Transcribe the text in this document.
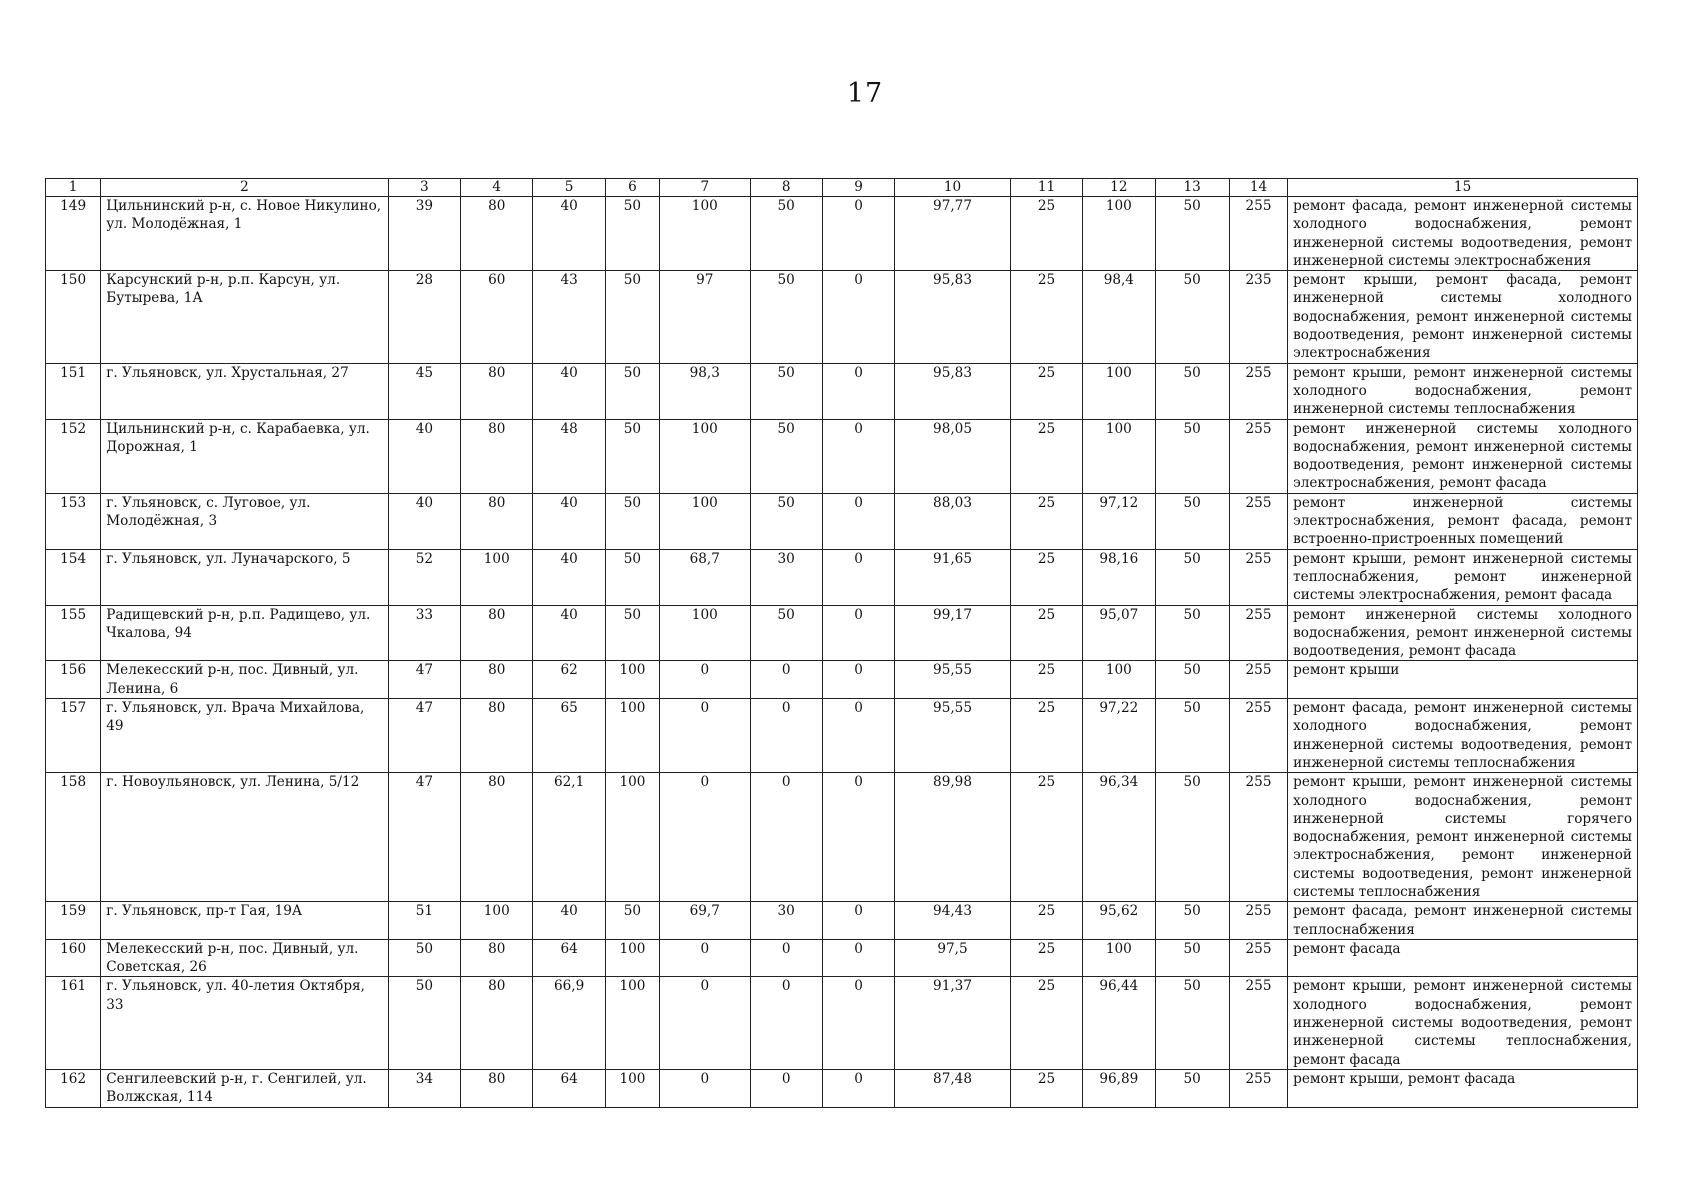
17
1	2	3	4	5	6	7	8	9	10	11	12	13	14	15
149	Цильнинский р-н, с. Новое Никулино, ул. Молодёжная, 1	39	80	40	50	100	50	0	97,77	25	100	50	255	ремонт фасада, ремонт инженерной системы холодного водоснабжения, ремонт инженерной системы водоотведения, ремонт инженерной системы электроснабжения
150	Карсунский р-н, р.п. Карсун, ул. Бутырева, 1А	28	60	43	50	97	50	0	95,83	25	98,4	50	235	ремонт крыши, ремонт фасада, ремонт инженерной системы холодного водоснабжения, ремонт инженерной системы водоотведения, ремонт инженерной системы электроснабжения
151	г. Ульяновск, ул. Хрустальная, 27	45	80	40	50	98,3	50	0	95,83	25	100	50	255	ремонт крыши, ремонт инженерной системы холодного водоснабжения, ремонт инженерной системы теплоснабжения
152	Цильнинский р-н, с. Карабаевка, ул. Дорожная, 1	40	80	48	50	100	50	0	98,05	25	100	50	255	ремонт инженерной системы холодного водоснабжения, ремонт инженерной системы водоотведения, ремонт инженерной системы электроснабжения, ремонт фасада
153	г. Ульяновск, с. Луговое, ул. Молодёжная, 3	40	80	40	50	100	50	0	88,03	25	97,12	50	255	ремонт инженерной системы электроснабжения, ремонт фасада, ремонт встроенно-пристроенных помещений
154	г. Ульяновск, ул. Луначарского, 5	52	100	40	50	68,7	30	0	91,65	25	98,16	50	255	ремонт крыши, ремонт инженерной системы теплоснабжения, ремонт инженерной системы электроснабжения, ремонт фасада
155	Радищевский р-н, р.п. Радищево, ул. Чкалова, 94	33	80	40	50	100	50	0	99,17	25	95,07	50	255	ремонт инженерной системы холодного водоснабжения, ремонт инженерной системы водоотведения, ремонт фасада
156	Мелекесский р-н, пос. Дивный, ул. Ленина, 6	47	80	62	100	0	0	0	95,55	25	100	50	255	ремонт крыши
157	г. Ульяновск, ул. Врача Михайлова, 49	47	80	65	100	0	0	0	95,55	25	97,22	50	255	ремонт фасада, ремонт инженерной системы холодного водоснабжения, ремонт инженерной системы водоотведения, ремонт инженерной системы теплоснабжения
158	г. Новоульяновск, ул. Ленина, 5/12	47	80	62,1	100	0	0	0	89,98	25	96,34	50	255	ремонт крыши, ремонт инженерной системы холодного водоснабжения, ремонт инженерной системы горячего водоснабжения, ремонт инженерной системы электроснабжения, ремонт инженерной системы водоотведения, ремонт инженерной системы теплоснабжения
159	г. Ульяновск, пр-т Гая, 19А	51	100	40	50	69,7	30	0	94,43	25	95,62	50	255	ремонт фасада, ремонт инженерной системы теплоснабжения
160	Мелекесский р-н, пос. Дивный, ул. Советская, 26	50	80	64	100	0	0	0	97,5	25	100	50	255	ремонт фасада
161	г. Ульяновск, ул. 40-летия Октября, 33	50	80	66,9	100	0	0	0	91,37	25	96,44	50	255	ремонт крыши, ремонт инженерной системы холодного водоснабжения, ремонт инженерной системы водоотведения, ремонт инженерной системы теплоснабжения, ремонт фасада
162	Сенгилеевский р-н, г. Сенгилей, ул. Волжская, 114	34	80	64	100	0	0	0	87,48	25	96,89	50	255	ремонт крыши, ремонт фасада
